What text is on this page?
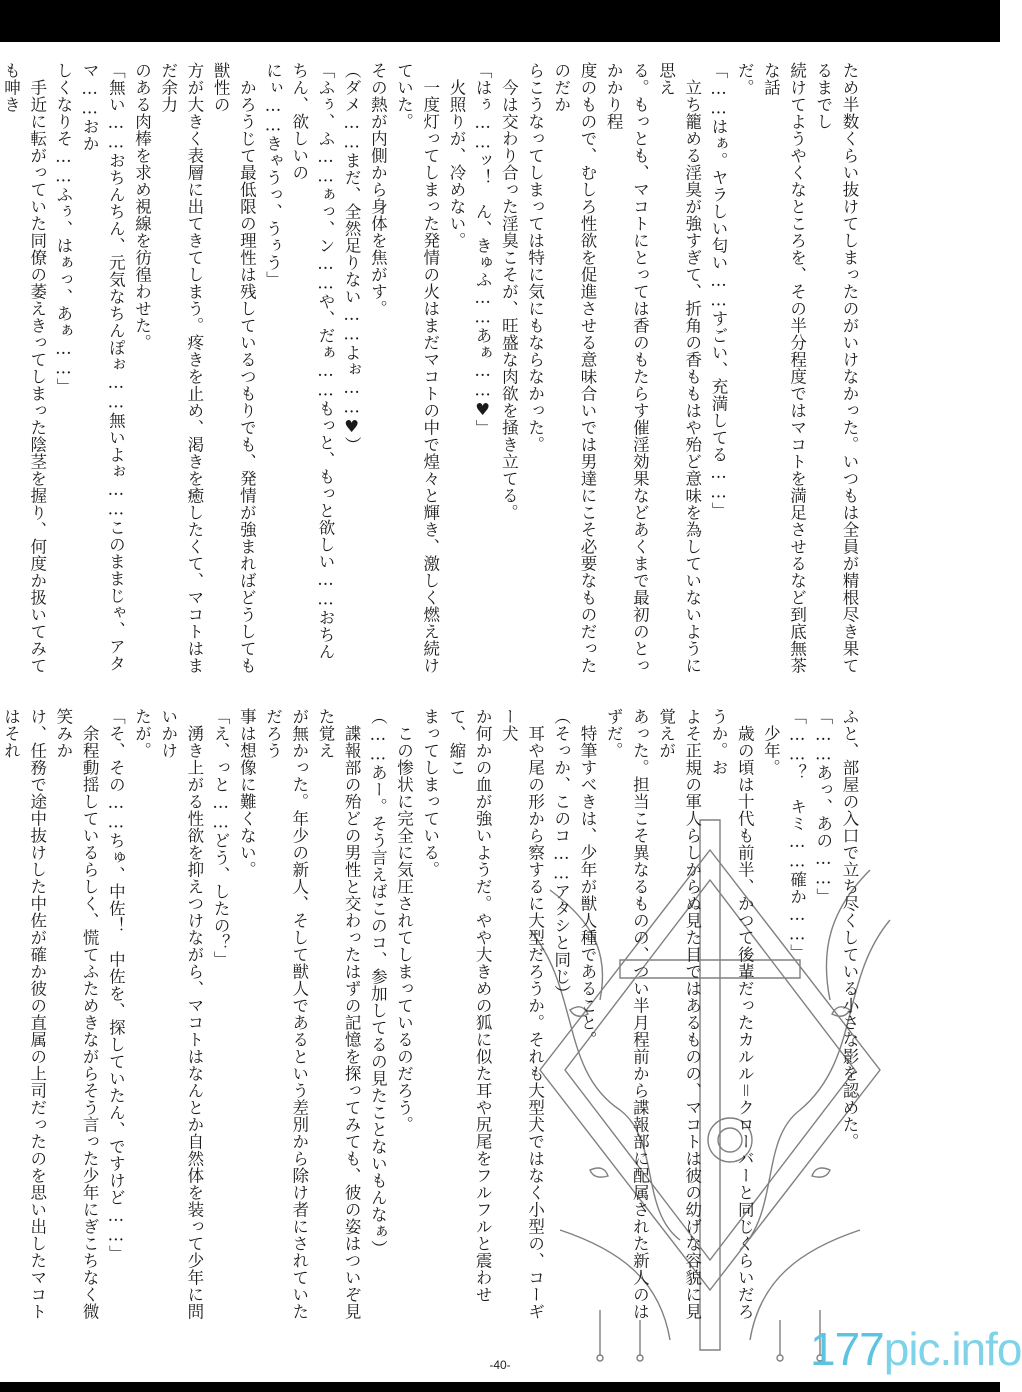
ため半数くらい抜けてしまったのがいけなかった。いつもは全員が精根尽き果てるまでし
続けてようやくなところを、その半分程度ではマコトを満足させるなど到底無茶な話
だ。
「……はぁ。ヤラしい匂い……すごい、充満してる……」
　立ち籠める淫臭が強すぎて、折角の香ももはや殆ど意味を為していないように思え
る。もっとも、マコトにとっては香のもたらす催淫効果などあくまで最初のとっかかり程
度のもので、むしろ性欲を促進させる意味合いでは男達にこそ必要なものだったのだか
らこうなってしまっては特に気にもならなかった。
　今は交わり合った淫臭こそが、旺盛な肉欲を掻き立てる。
「はぅ……ッ！　ん、きゅふ……あぁ……♥」
　火照りが、冷めない。
　一度灯ってしまった発情の火はまだマコトの中で煌々と輝き、激しく燃え続けていた。
その熱が内側から身体を焦がす。
（ダメ……まだ、全然足りない……よぉ……♥）
「ふぅ、ふ……ぁっ、ン……や、だぁ……もっと、もっと欲しい……おちんちん、欲しいの
にぃ……きゃうっ、うぅう」
　かろうじて最低限の理性は残しているつもりでも、発情が強まればどうしても獣性の
方が大きく表層に出てきてしまう。疼きを止め、渇きを癒したくて、マコトはまだ余力
のある肉棒を求め視線を彷徨わせた。
「無い……おちんちん、元気なちんぽぉ……無いよぉ……このままじゃ、アタマ……おか
しくなりそ……ふぅ、はぁっ、あぁ……」
　手近に転がっていた同僚の萎えきってしまった陰茎を握り、何度か扱いてみても呻き

ふと、部屋の入口で立ち尽くしている小さな影を認めた。
「……あっ、あの……」
「……？　キミ……確か……」
　少年。
　歳の頃は十代も前半、かつて後輩だったカルル＝クローバーと同じくらいだろうか。お
よそ正規の軍人らしからぬ見た目ではあるものの、マコトは彼の幼げな容貌に見覚えが
あった。担当こそ異なるものの、つい半月程前から諜報部に配属された新人のはずだ。
　特筆すべきは、少年が獣人種であること。
（そっか、このコ……アタシと同じ）
　耳や尾の形から察するに大型だろうか。それも大型犬ではなく小型の、コーギー犬
か何かの血が強いようだ。やや大きめの狐に似た耳や尻尾をフルフルと震わせて、縮こ
まってしまっている。
　この惨状に完全に気圧されてしまっているのだろう。
（……あー。そう言えばこのコ、参加してるの見たことないもんなぁ）
　諜報部の殆どの男性と交わったはずの記憶を探ってみても、彼の姿はついぞ見た覚え
が無かった。年少の新人、そして獣人であるという差別から除け者にされていただろう
事は想像に難くない。
「え、っと……どう、したの？」
　湧き上がる性欲を抑えつけながら、マコトはなんとか自然体を装って少年に問いかけ
たが。
「そ、その……ちゅ、中佐！　中佐を、探していたん、ですけど……」
　余程動揺しているらしく、慌てふためきながらそう言った少年にぎこちなく微笑みか
け、任務で途中抜けした中佐が確か彼の直属の上司だったのを思い出したマコトはそれ

-40-	177pic.info
